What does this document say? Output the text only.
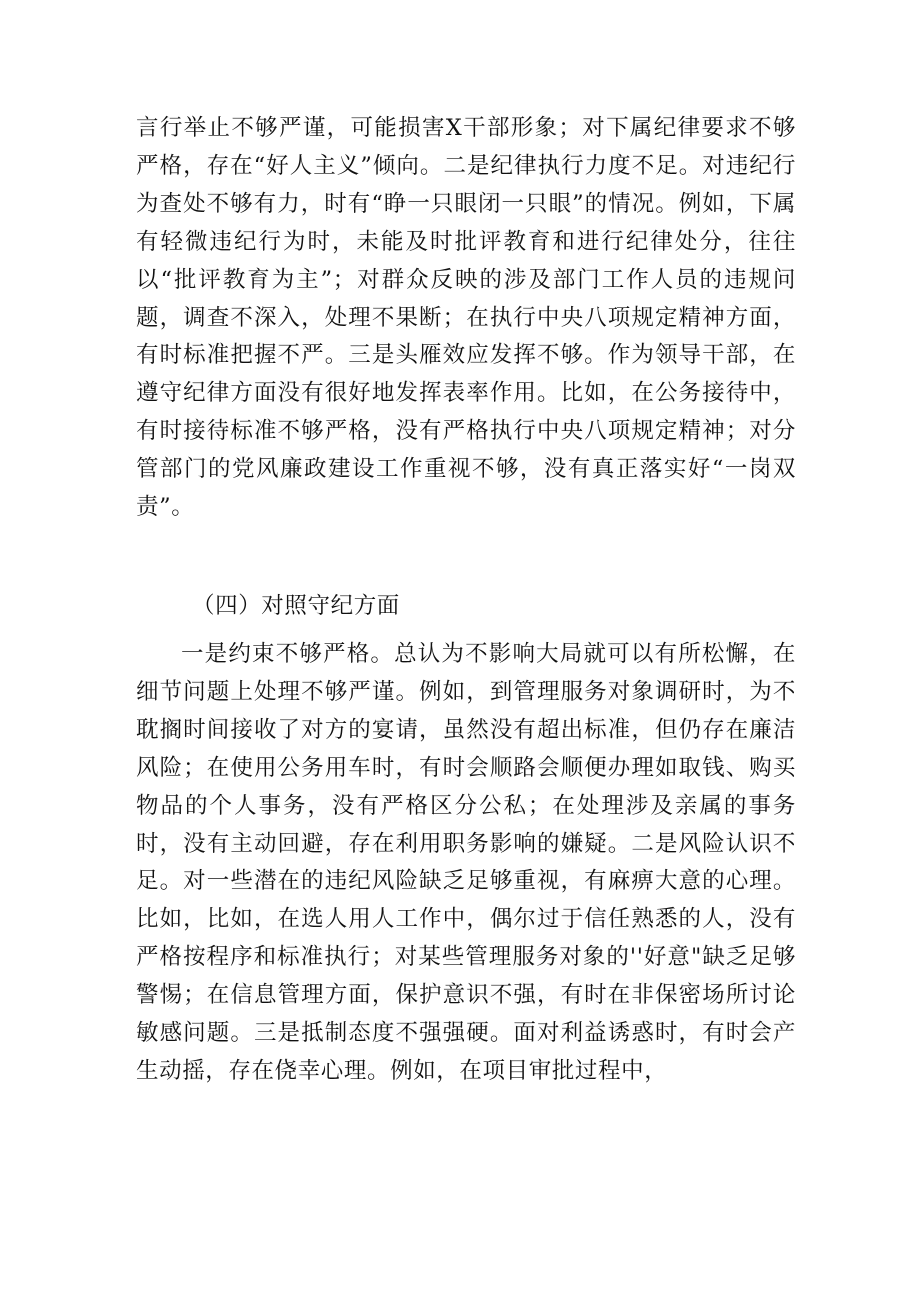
言行举止不够严谨，可能损害X干部形象；对下属纪律要求不够严格，存在“好人主义”倾向。二是纪律执行力度不足。对违纪行为查处不够有力，时有“睁一只眼闭一只眼”的情况。例如，下属有轻微违纪行为时，未能及时批评教育和进行纪律处分，往往以“批评教育为主”；对群众反映的涉及部门工作人员的违规问题，调查不深入，处理不果断；在执行中央八项规定精神方面，有时标准把握不严。三是头雁效应发挥不够。作为领导干部，在遵守纪律方面没有很好地发挥表率作用。比如，在公务接待中，有时接待标准不够严格，没有严格执行中央八项规定精神；对分管部门的党风廉政建设工作重视不够，没有真正落实好“一岗双责”。

（四）对照守纪方面

一是约束不够严格。总认为不影响大局就可以有所松懈，在细节问题上处理不够严谨。例如，到管理服务对象调研时，为不耽搁时间接收了对方的宴请，虽然没有超出标准，但仍存在廉洁风险；在使用公务用车时，有时会顺路会顺便办理如取钱、购买物品的个人事务，没有严格区分公私；在处理涉及亲属的事务时，没有主动回避，存在利用职务影响的嫌疑。二是风险认识不足。对一些潜在的违纪风险缺乏足够重视，有麻痹大意的心理。比如，比如，在选人用人工作中，偶尔过于信任熟悉的人，没有严格按程序和标准执行；对某些管理服务对象的''好意"缺乏足够警惕；在信息管理方面，保护意识不强，有时在非保密场所讨论敏感问题。三是抵制态度不强强硬。面对利益诱惑时，有时会产生动摇，存在侥幸心理。例如，在项目审批过程中，
